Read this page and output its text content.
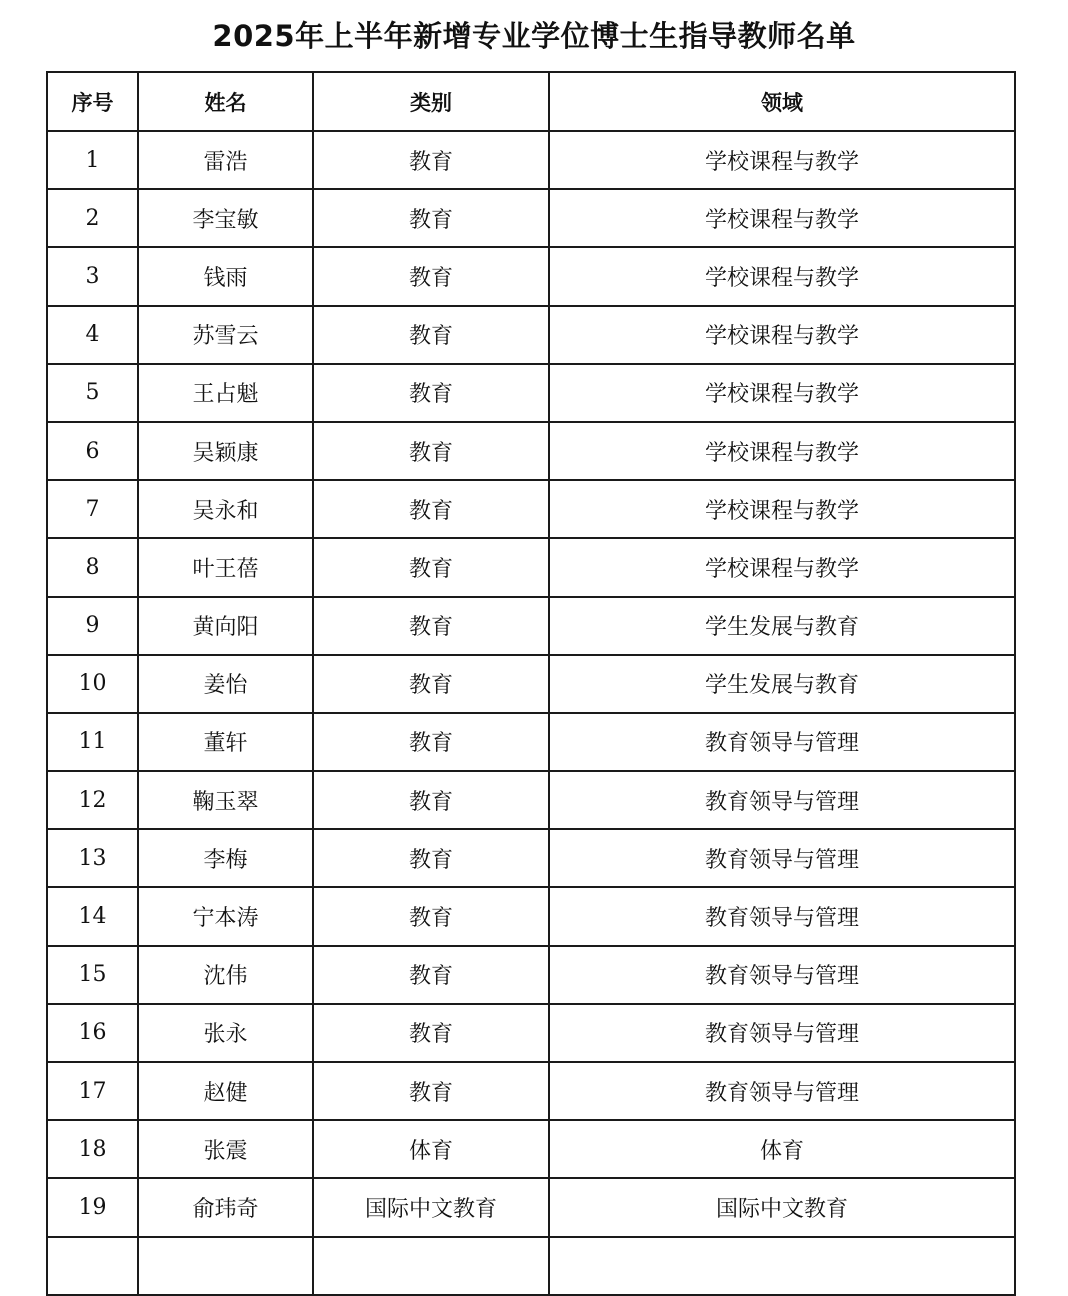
2025年上半年新增专业学位博士生指导教师名单
序号	姓名	类别	领域
1	雷浩	教育	学校课程与教学
2	李宝敏	教育	学校课程与教学
3	钱雨	教育	学校课程与教学
4	苏雪云	教育	学校课程与教学
5	王占魁	教育	学校课程与教学
6	吴颖康	教育	学校课程与教学
7	吴永和	教育	学校课程与教学
8	叶王蓓	教育	学校课程与教学
9	黄向阳	教育	学生发展与教育
10	姜怡	教育	学生发展与教育
11	董轩	教育	教育领导与管理
12	鞠玉翠	教育	教育领导与管理
13	李梅	教育	教育领导与管理
14	宁本涛	教育	教育领导与管理
15	沈伟	教育	教育领导与管理
16	张永	教育	教育领导与管理
17	赵健	教育	教育领导与管理
18	张震	体育	体育
19	俞玮奇	国际中文教育	国际中文教育
